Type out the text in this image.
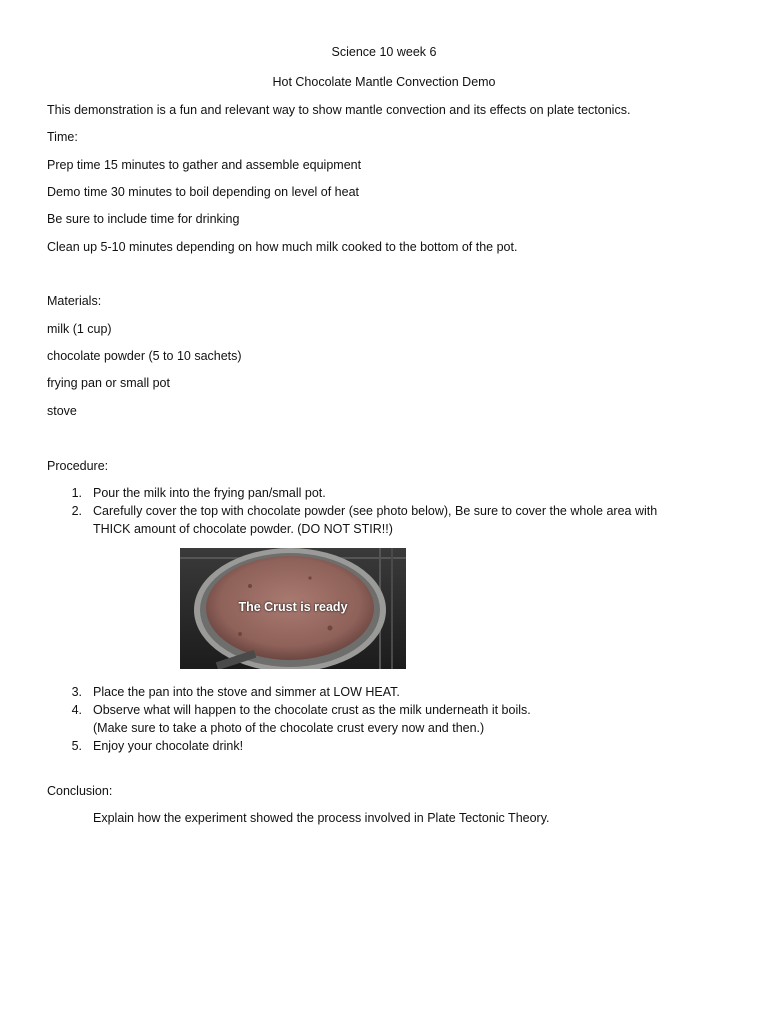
Science 10 week 6
Hot Chocolate Mantle Convection Demo
This demonstration is a fun and relevant way to show mantle convection and its effects on plate tectonics.
Time:
Prep time 15 minutes to gather and assemble equipment
Demo time 30 minutes to boil depending on level of heat
Be sure to include time for drinking
Clean up 5-10 minutes depending on how much milk cooked to the bottom of the pot.
Materials:
milk (1 cup)
chocolate powder (5 to 10 sachets)
frying pan or small pot
stove
Procedure:
1. Pour the milk into the frying pan/small pot.
2. Carefully cover the top with chocolate powder (see photo below), Be sure to cover the whole area with
THICK amount of chocolate powder. (DO NOT STIR!!)
The Crust is ready
3. Place the pan into the stove and simmer at LOW HEAT.
4. Observe what will happen to the chocolate crust as the milk underneath it boils.
(Make sure to take a photo of the chocolate crust every now and then.)
5. Enjoy your chocolate drink!
Conclusion:
Explain how the experiment showed the process involved in Plate Tectonic Theory.
